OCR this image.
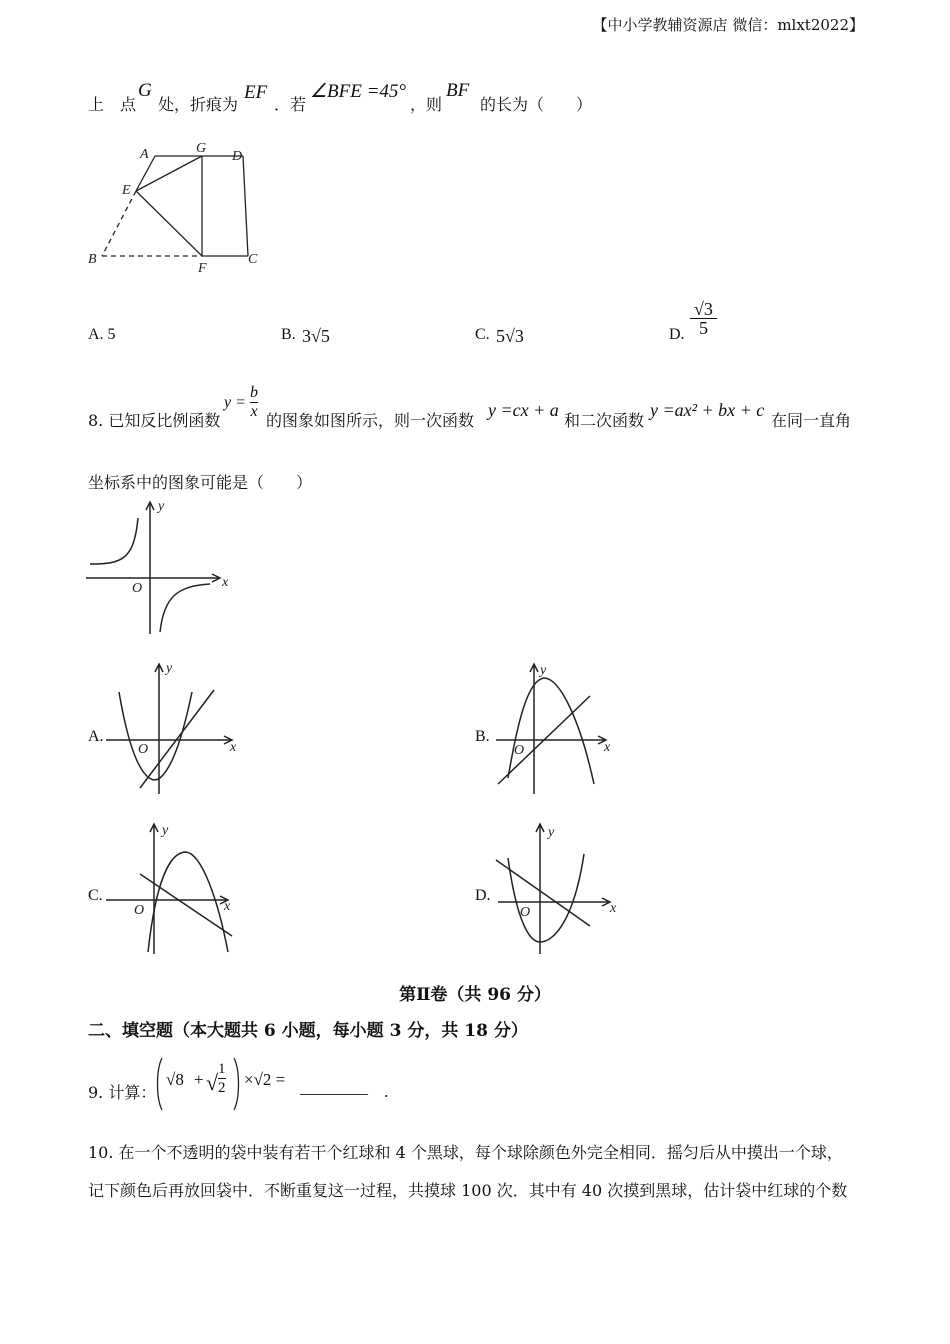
【中小学教辅资源店 微信：mlxt2022】
上　点
G
处，折痕为
EF
．若
∠BFE =45°
，则
BF
的长为（　　）
A	G
D
E
B
F
C
A. 5	B. 3√5	C. 5√3	D. $\frac{√3}{5}$
8. 已知反比例函数
$y = \frac{b}{x}$ 的图象如图所示，则一次函数
y =cx + a
和二次函数
y =ax² + bx + c
在同一直角
坐标系中的图象可能是（　　）
O	x
y
A.
O	x
y
B.
O	x
y
C.
O	x
y
D.
O	x
y
第Ⅱ卷（共 96 分）
二、填空题（本大题共 6 小题，每小题 3 分，共 18 分）
9. 计算：
√8 + √ $\frac{1}{2} \times√2$ = ________ .
10. 在一个不透明的袋中装有若干个红球和 4 个黑球，每个球除颜色外完全相同．摇匀后从中摸出一个球，
记下颜色后再放回袋中．不断重复这一过程，共摸球 100 次．其中有 40 次摸到黑球，估计袋中红球的个数
